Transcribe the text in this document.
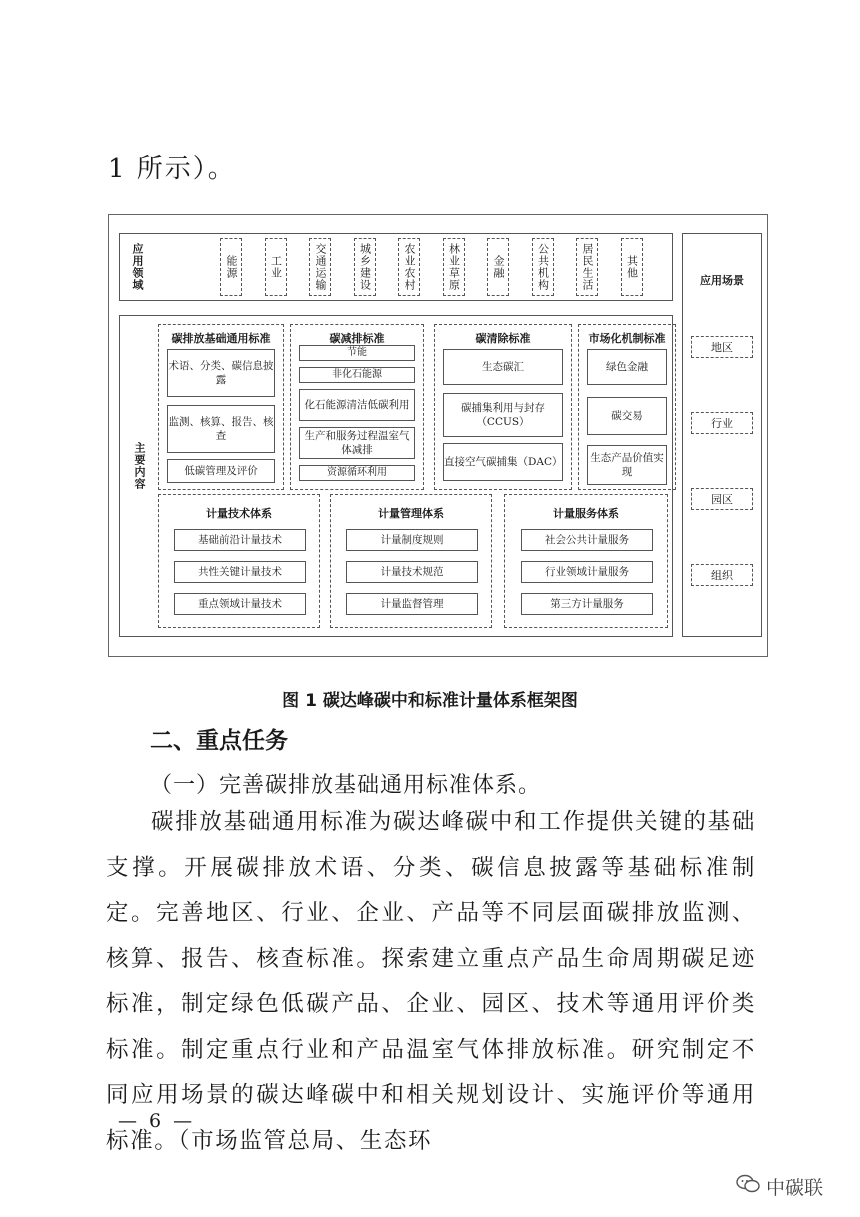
1 所示）。
应用领域	能源	工业	交通运输	城乡建设	农业农村	林业草原	金融	公共机构	居民生活	其他
应用场景
地区
行业
园区
组织
主要内容
碳排放基础通用标准
术语、分类、碳信息披露
监测、核算、报告、核查
低碳管理及评价
碳减排标准
节能
非化石能源
化石能源清洁低碳利用
生产和服务过程温室气体减排
资源循环利用
碳清除标准
生态碳汇
碳捕集利用与封存（CCUS）
直接空气碳捕集（DAC）
市场化机制标准
绿色金融
碳交易
生态产品价值实现
计量技术体系
基础前沿计量技术
共性关键计量技术
重点领域计量技术
计量管理体系
计量制度规则
计量技术规范
计量监督管理
计量服务体系
社会公共计量服务
行业领域计量服务
第三方计量服务
图 1 碳达峰碳中和标准计量体系框架图
二、重点任务
（一）完善碳排放基础通用标准体系。
碳排放基础通用标准为碳达峰碳中和工作提供关键的基础支撑。开展碳排放术语、分类、碳信息披露等基础标准制定。完善地区、行业、企业、产品等不同层面碳排放监测、核算、报告、核查标准。探索建立重点产品生命周期碳足迹标准，制定绿色低碳产品、企业、园区、技术等通用评价类标准。制定重点行业和产品温室气体排放标准。研究制定不同应用场景的碳达峰碳中和相关规划设计、实施评价等通用标准。（市场监管总局、生态环
— 6 —
中碳联
